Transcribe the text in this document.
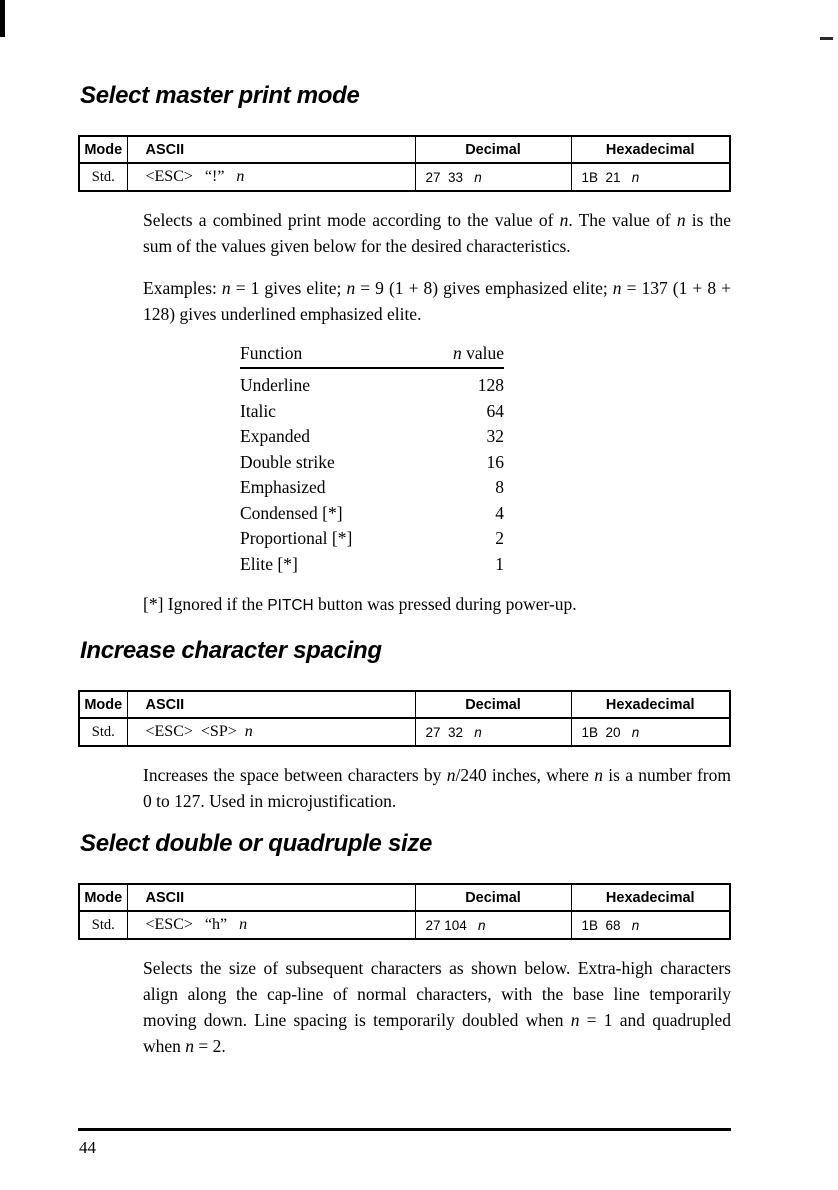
Select master print mode
Mode	ASCII	Decimal	Hexadecimal
Std.	<ESC>   “!”   n	27  33   n	1B  21   n

Selects a combined print mode according to the value of n. The value of n is the sum of the values given below for the desired characteristics.

Examples: n = 1 gives elite; n = 9 (1 + 8) gives emphasized elite; n = 137 (1 + 8 + 128) gives underlined emphasized elite.

Function	n value
Underline	128
Italic	64
Expanded	32
Double strike	16
Emphasized	8
Condensed [*]	4
Proportional [*]	2
Elite [*]	1

[*] Ignored if the PITCH button was pressed during power-up.

Increase character spacing
Mode	ASCII	Decimal	Hexadecimal
Std.	<ESC>  <SP>  n	27  32   n	1B  20   n

Increases the space between characters by n/240 inches, where n is a number from 0 to 127. Used in microjustification.

Select double or quadruple size
Mode	ASCII	Decimal	Hexadecimal
Std.	<ESC>   “h”   n	27 104   n	1B  68   n

Selects the size of subsequent characters as shown below. Extra-high characters align along the cap-line of normal characters, with the base line temporarily moving down. Line spacing is temporarily doubled when n = 1 and quadrupled when n = 2.

44
